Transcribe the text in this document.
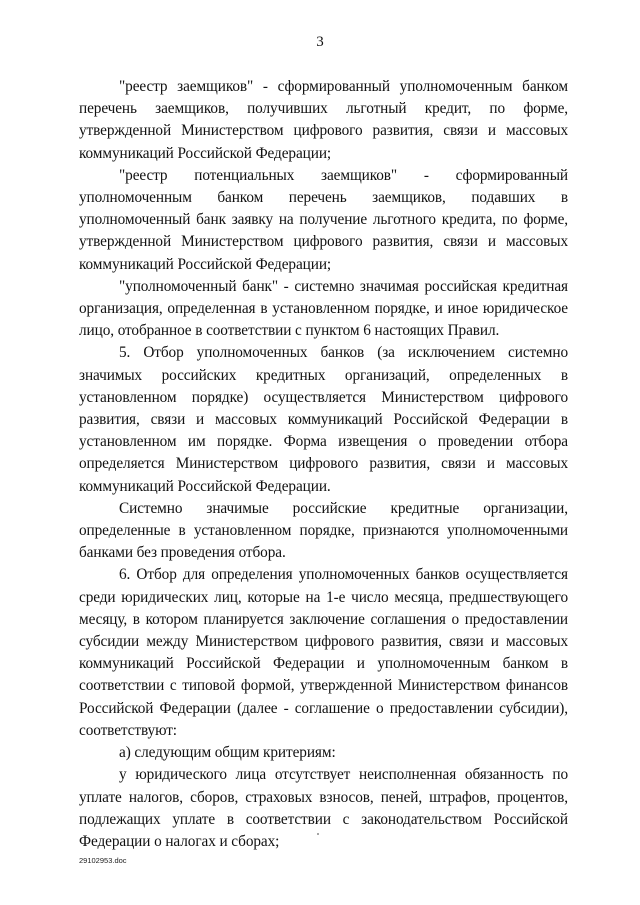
3

"реестр заемщиков" - сформированный уполномоченным банком перечень заемщиков, получивших льготный кредит, по форме, утвержденной Министерством цифрового развития, связи и массовых коммуникаций Российской Федерации;

"реестр потенциальных заемщиков" - сформированный уполномоченным банком перечень заемщиков, подавших в уполномоченный банк заявку на получение льготного кредита, по форме, утвержденной Министерством цифрового развития, связи и массовых коммуникаций Российской Федерации;

"уполномоченный банк" - системно значимая российская кредитная организация, определенная в установленном порядке, и иное юридическое лицо, отобранное в соответствии с пунктом 6 настоящих Правил.

5. Отбор уполномоченных банков (за исключением системно значимых российских кредитных организаций, определенных в установленном порядке) осуществляется Министерством цифрового развития, связи и массовых коммуникаций Российской Федерации в установленном им порядке. Форма извещения о проведении отбора определяется Министерством цифрового развития, связи и массовых коммуникаций Российской Федерации.

Системно значимые российские кредитные организации, определенные в установленном порядке, признаются уполномоченными банками без проведения отбора.

6. Отбор для определения уполномоченных банков осуществляется среди юридических лиц, которые на 1-е число месяца, предшествующего месяцу, в котором планируется заключение соглашения о предоставлении субсидии между Министерством цифрового развития, связи и массовых коммуникаций Российской Федерации и уполномоченным банком в соответствии с типовой формой, утвержденной Министерством финансов Российской Федерации (далее - соглашение о предоставлении субсидии), соответствуют:

а) следующим общим критериям:

у юридического лица отсутствует неисполненная обязанность по уплате налогов, сборов, страховых взносов, пеней, штрафов, процентов, подлежащих уплате в соответствии с законодательством Российской Федерации о налогах и сборах;

29102953.doc
